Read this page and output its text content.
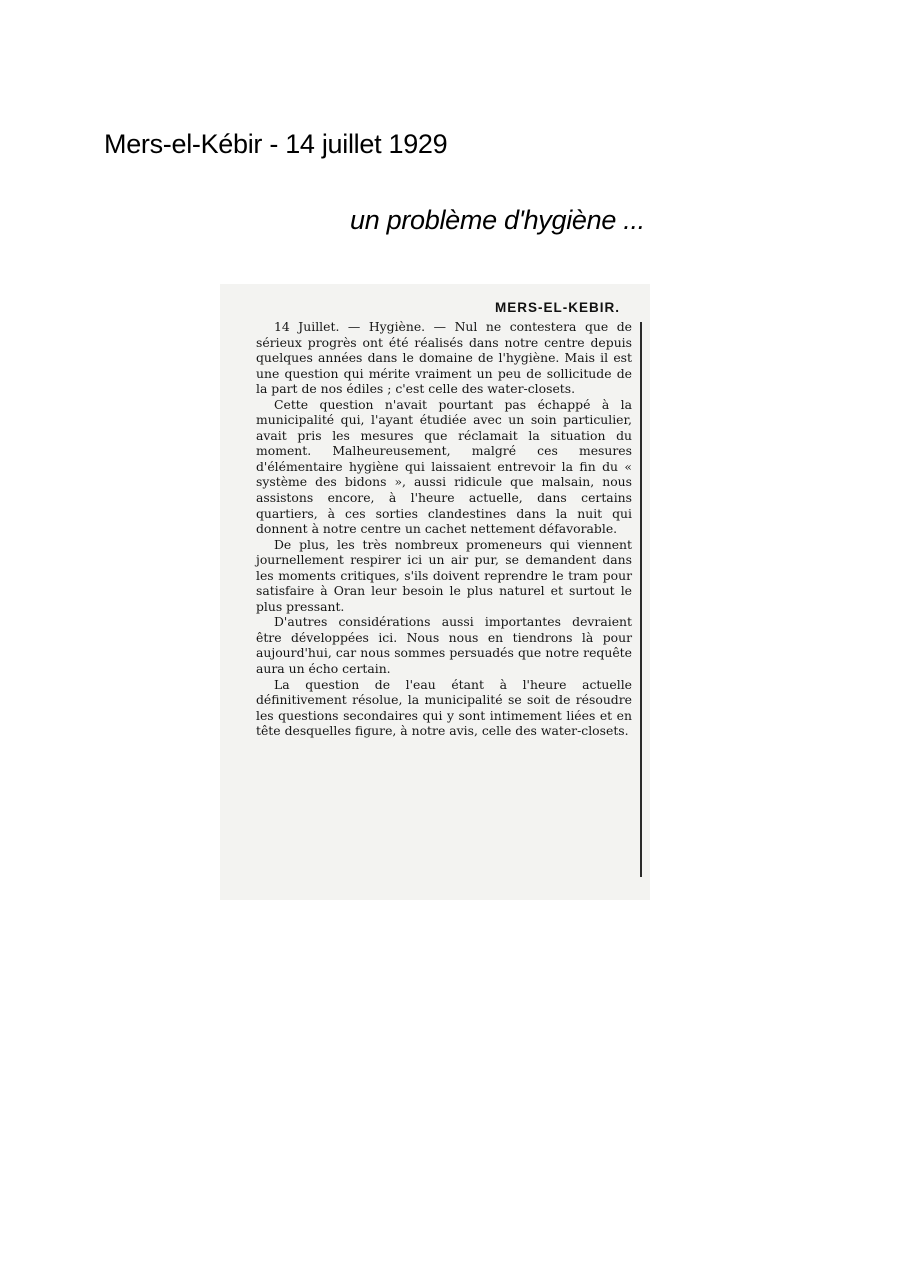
Mers-el-Kébir - 14 juillet 1929
un problème d'hygiène ...
MERS-EL-KEBIR.

14 Juillet. — Hygiène. — Nul ne contestera que de sérieux progrès ont été réalisés dans notre centre depuis quelques années dans le domaine de l'hygiène. Mais il est une question qui mérite vraiment un peu de sollicitude de la part de nos édiles ; c'est celle des water-closets.

Cette question n'avait pourtant pas échappé à la municipalité qui, l'ayant étudiée avec un soin particulier, avait pris les mesures que réclamait la situation du moment. Malheureusement, malgré ces mesures d'élémentaire hygiène qui laissaient entrevoir la fin du « système des bidons », aussi ridicule que malsain, nous assistons encore, à l'heure actuelle, dans certains quartiers, à ces sorties clandestines dans la nuit qui donnent à notre centre un cachet nettement défavorable.

De plus, les très nombreux promeneurs qui viennent journellement respirer ici un air pur, se demandent dans les moments critiques, s'ils doivent reprendre le tram pour satisfaire à Oran leur besoin le plus naturel et surtout le plus pressant.

D'autres considérations aussi importantes devraient être développées ici. Nous nous en tiendrons là pour aujourd'hui, car nous sommes persuadés que notre requête aura un écho certain.

La question de l'eau étant à l'heure actuelle définitivement résolue, la municipalité se soit de résoudre les questions secondaires qui y sont intimement liées et en tête desquelles figure, à notre avis, celle des water-closets.
